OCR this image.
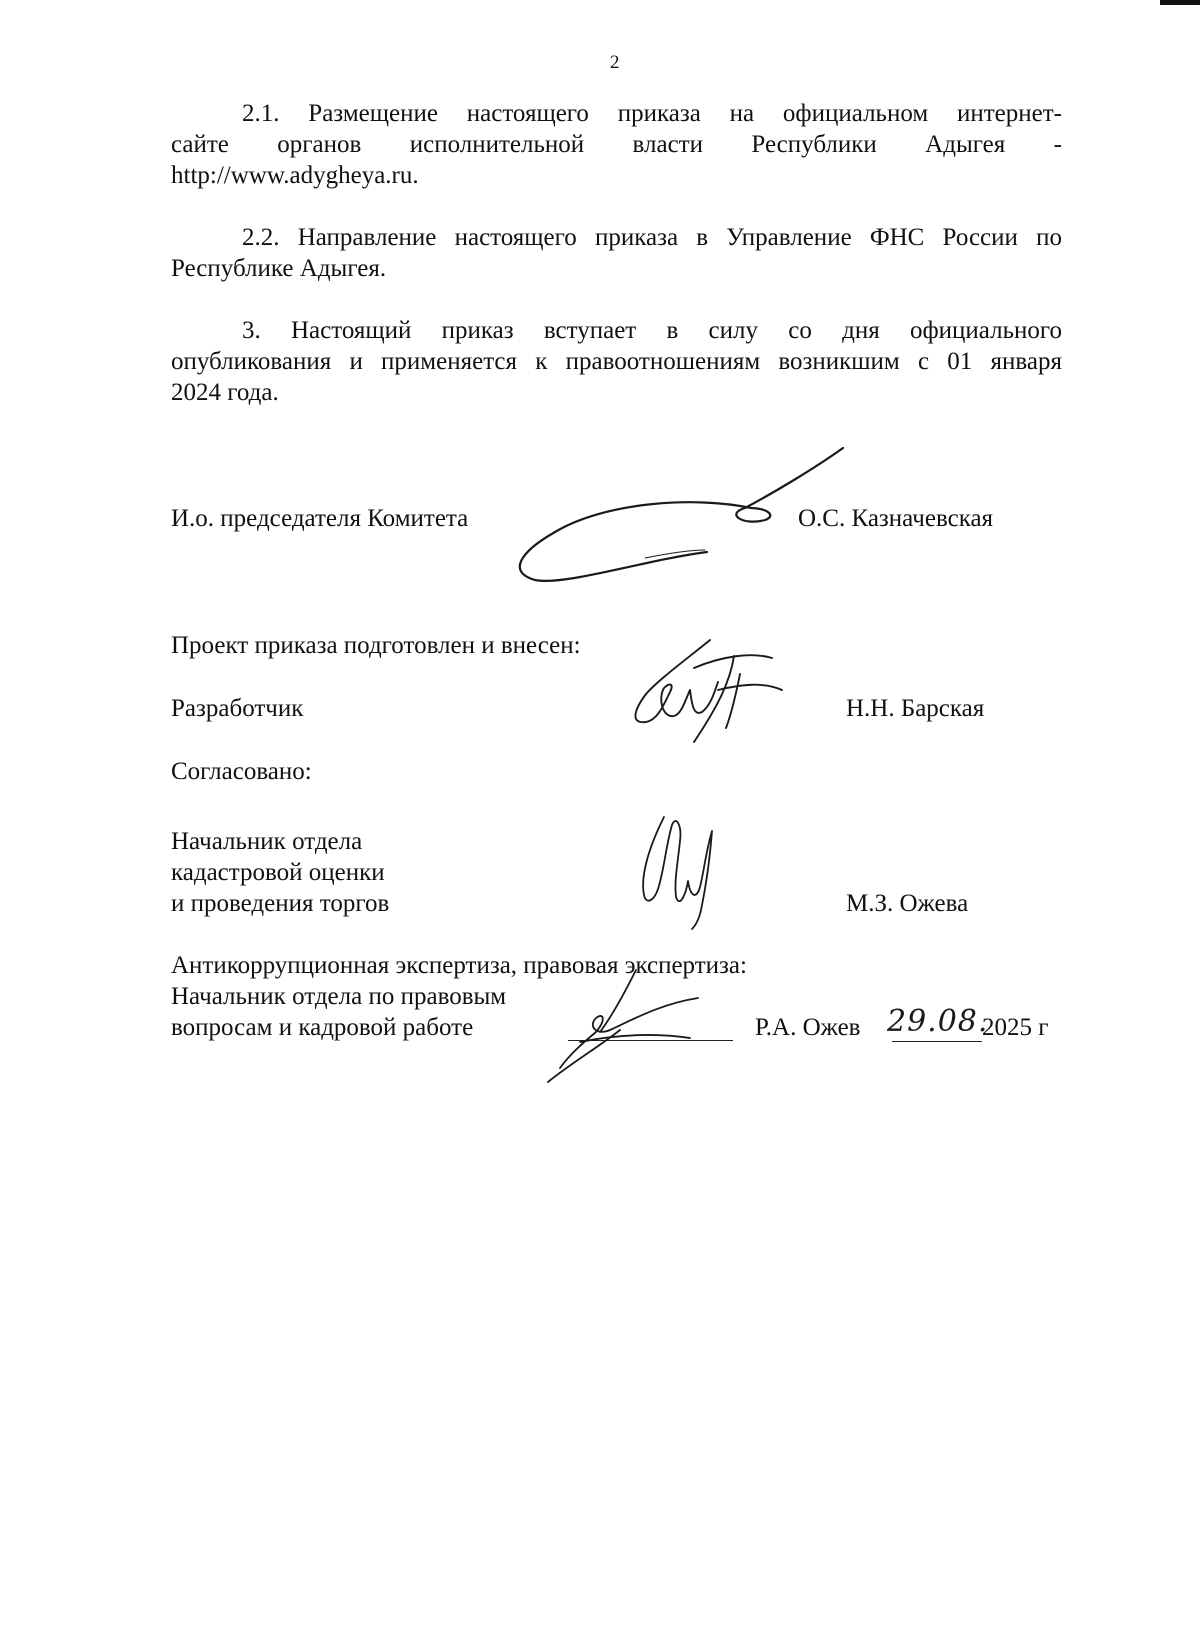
2
2.1. Размещение настоящего приказа на официальном интернет-
сайте органов исполнительной власти Республики Адыгея -
http://www.adygheya.ru.
2.2. Направление настоящего приказа в Управление ФНС России по
Республике Адыгея.
3. Настоящий приказ вступает в силу со дня официального
опубликования и применяется к правоотношениям возникшим с 01 января
2024 года.
И.о. председателя Комитета	О.С. Казначевская
Проект приказа подготовлен и внесен:
Разработчик	Н.Н. Барская
Согласовано:
Начальник отдела
кадастровой оценки
и проведения торгов	М.З. Ожева
Антикоррупционная экспертиза, правовая экспертиза:
Начальник отдела по правовым
вопросам и кадровой работе	Р.А. Ожев 29.08.
2025 г
